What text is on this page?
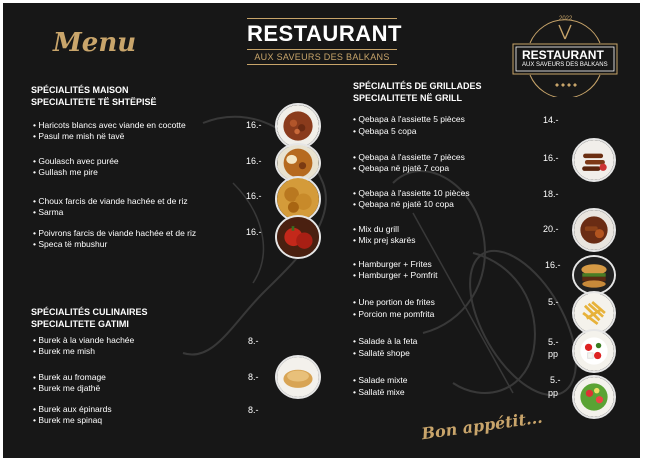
Menu	RESTAURANT
AUX SAVEURS DES BALKANS
2022
RESTAURANT
AUX SAVEURS DES BALKANS
SPÉCIALITÉS MAISON
SPECIALITETE TË SHTËPISË
• Haricots blancs avec viande en cocotte
• Pasul me mish në tavë
16.-
• Goulasch avec purée
• Gullash me pire
16.-
• Choux farcis de viande hachée et de riz
• Sarma
16.-
• Poivrons farcis de viande hachée et de riz
• Speca të mbushur
16.-
SPÉCIALITÉS CULINAIRES
SPECIALITETE GATIMI
• Burek à la viande hachée
• Burek me mish
8.-
• Burek au fromage
• Burek me djathë
8.-
• Burek aux épinards
• Burek me spinaq
8.-
SPÉCIALITÉS DE GRILLADES
SPECIALITETE NË GRILL
• Qebapa à l'assiette 5 pièces
• Qebapa 5 copa
14.-
• Qebapa à l'assiette 7 pièces
• Qebapa në pjatë 7 copa
16.-
• Qebapa à l'assiette 10 pièces
• Qebapa në pjatë 10 copa
18.-
• Mix du grill
• Mix prej skarës
20.-
• Hamburger + Frites
• Hamburger + Pomfrit
16.-
• Une portion de frites
• Porcion me pomfrita
5.-
• Salade à la feta
• Sallatë shope
5.-
pp
• Salade mixte
• Sallatë mixe
5.-
pp
Bon appétit...
